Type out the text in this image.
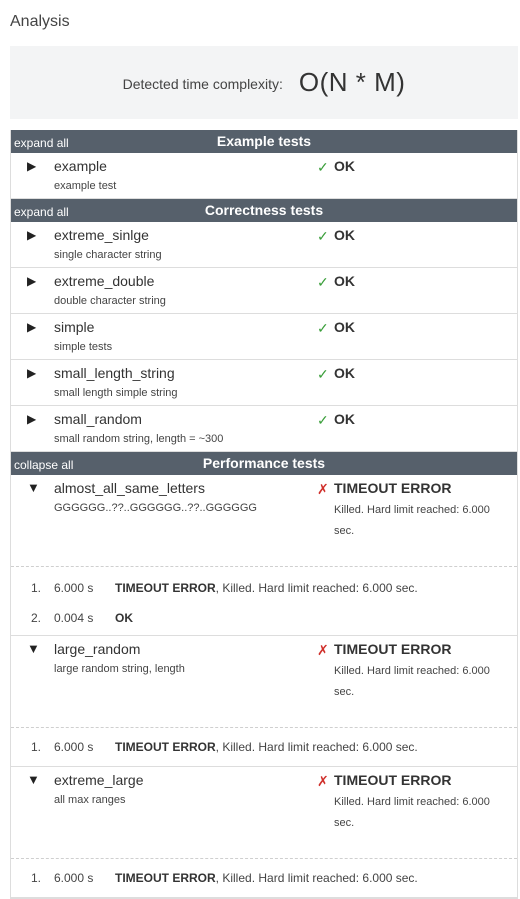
Analysis
Detected time complexity: O(N * M)
expand all	Example tests
▶ example
example test
✓ OK
expand all	Correctness tests
▶ extreme_sinlge
single character string
✓ OK
▶ extreme_double
double character string
✓ OK
▶ simple
simple tests
✓ OK
▶ small_length_string
small length simple string
✓ OK
▶ small_random
small random string, length = ~300
✓ OK
collapse all	Performance tests
▼ almost_all_same_letters
GGGGGG..??..GGGGGG..??..GGGGGG
✗ TIMEOUT ERROR
Killed. Hard limit reached: 6.000 sec.
1. 6.000 s TIMEOUT ERROR, Killed. Hard limit reached: 6.000 sec.
2. 0.004 s OK
▼ large_random
large random string, length
✗ TIMEOUT ERROR
Killed. Hard limit reached: 6.000 sec.
1. 6.000 s TIMEOUT ERROR, Killed. Hard limit reached: 6.000 sec.
▼ extreme_large
all max ranges
✗ TIMEOUT ERROR
Killed. Hard limit reached: 6.000 sec.
1. 6.000 s TIMEOUT ERROR, Killed. Hard limit reached: 6.000 sec.
